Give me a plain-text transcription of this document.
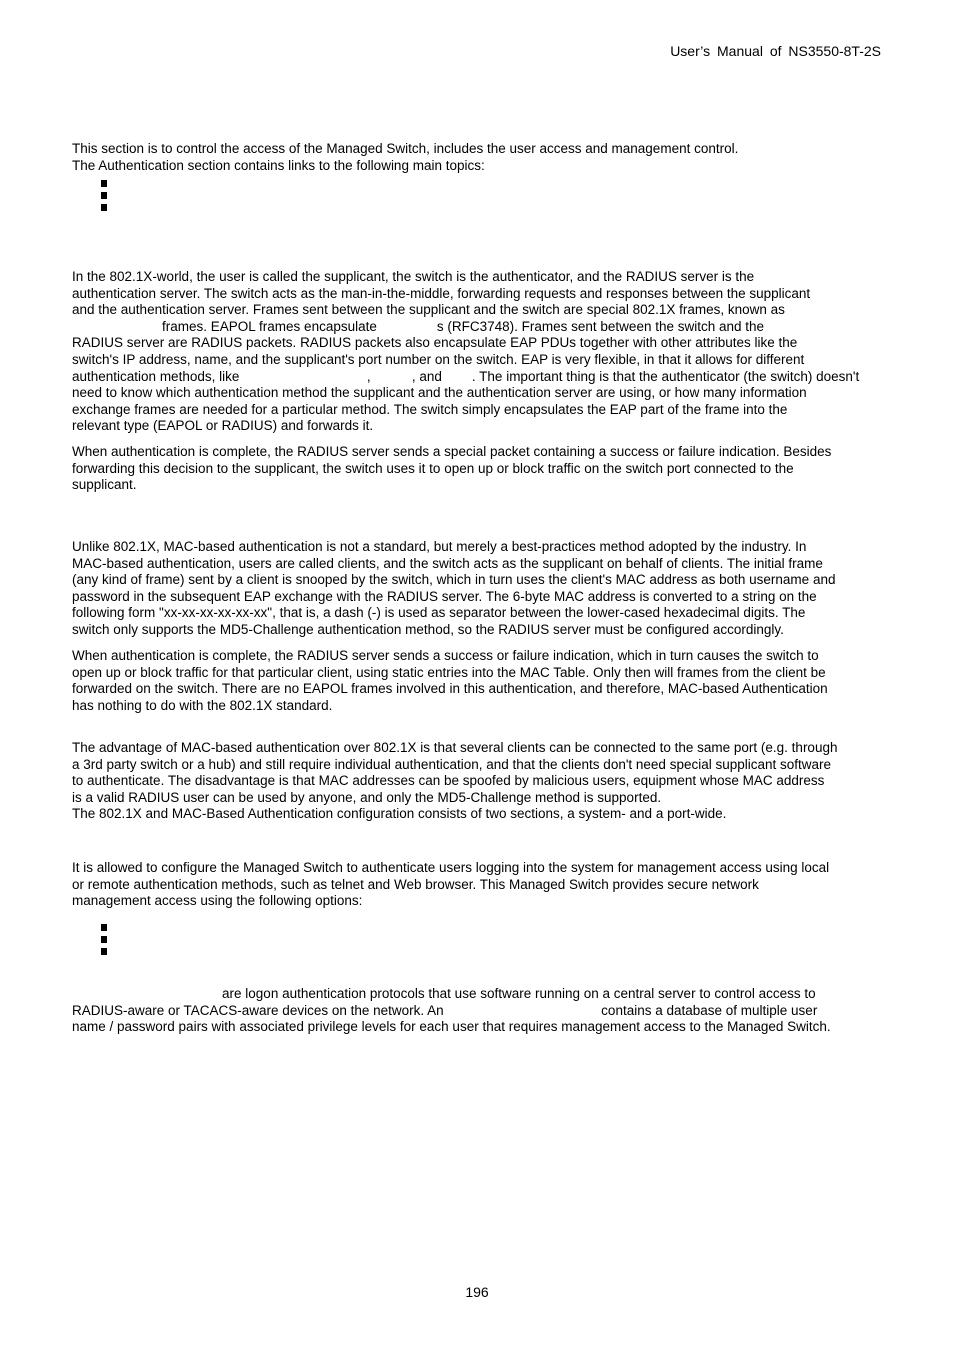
User’s Manual of NS3550-8T-2S
This section is to control the access of the Managed Switch, includes the user access and management control.
The Authentication section contains links to the following main topics:
In the 802.1X-world, the user is called the supplicant, the switch is the authenticator, and the RADIUS server is the
authentication server. The switch acts as the man-in-the-middle, forwarding requests and responses between the supplicant
and the authentication server. Frames sent between the supplicant and the switch are special 802.1X frames, known as
frames. EAPOL frames encapsulate                s (RFC3748). Frames sent between the switch and the
RADIUS server are RADIUS packets. RADIUS packets also encapsulate EAP PDUs together with other attributes like the
switch's IP address, name, and the supplicant's port number on the switch. EAP is very flexible, in that it allows for different
authentication methods, like                                  ,           , and        . The important thing is that the authenticator (the switch) doesn't
need to know which authentication method the supplicant and the authentication server are using, or how many information
exchange frames are needed for a particular method. The switch simply encapsulates the EAP part of the frame into the
relevant type (EAPOL or RADIUS) and forwards it.
When authentication is complete, the RADIUS server sends a special packet containing a success or failure indication. Besides
forwarding this decision to the supplicant, the switch uses it to open up or block traffic on the switch port connected to the
supplicant.
Unlike 802.1X, MAC-based authentication is not a standard, but merely a best-practices method adopted by the industry. In
MAC-based authentication, users are called clients, and the switch acts as the supplicant on behalf of clients. The initial frame
(any kind of frame) sent by a client is snooped by the switch, which in turn uses the client's MAC address as both username and
password in the subsequent EAP exchange with the RADIUS server. The 6-byte MAC address is converted to a string on the
following form "xx-xx-xx-xx-xx-xx", that is, a dash (-) is used as separator between the lower-cased hexadecimal digits. The
switch only supports the MD5-Challenge authentication method, so the RADIUS server must be configured accordingly.
When authentication is complete, the RADIUS server sends a success or failure indication, which in turn causes the switch to
open up or block traffic for that particular client, using static entries into the MAC Table. Only then will frames from the client be
forwarded on the switch. There are no EAPOL frames involved in this authentication, and therefore, MAC-based Authentication
has nothing to do with the 802.1X standard.
The advantage of MAC-based authentication over 802.1X is that several clients can be connected to the same port (e.g. through
a 3rd party switch or a hub) and still require individual authentication, and that the clients don't need special supplicant software
to authenticate. The disadvantage is that MAC addresses can be spoofed by malicious users, equipment whose MAC address
is a valid RADIUS user can be used by anyone, and only the MD5-Challenge method is supported.
The 802.1X and MAC-Based Authentication configuration consists of two sections, a system- and a port-wide.
It is allowed to configure the Managed Switch to authenticate users logging into the system for management access using local
or remote authentication methods, such as telnet and Web browser. This Managed Switch provides secure network
management access using the following options:
are logon authentication protocols that use software running on a central server to control access to
RADIUS-aware or TACACS-aware devices on the network. An                                          contains a database of multiple user
name / password pairs with associated privilege levels for each user that requires management access to the Managed Switch.
196
